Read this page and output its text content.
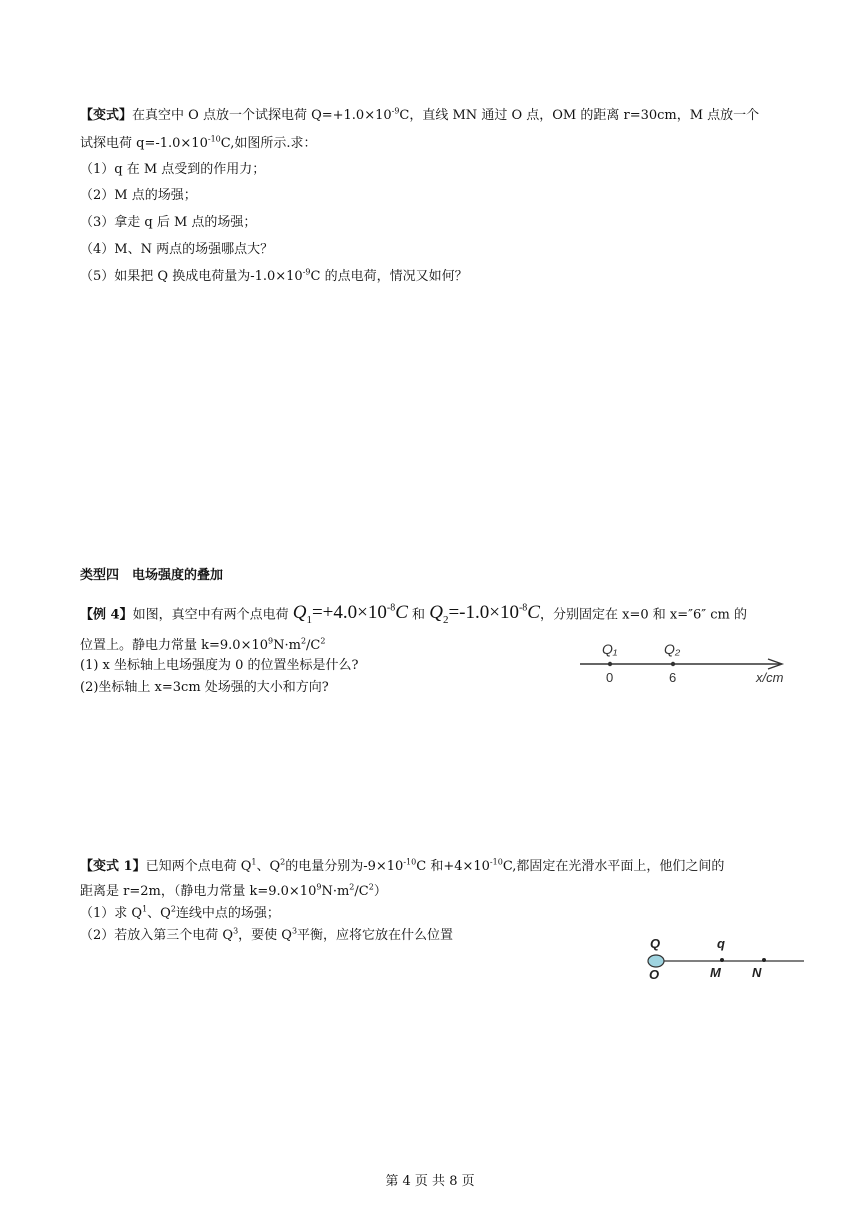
【变式】在真空中 O 点放一个试探电荷 $Q=+1.0\times 10^{-9}C$，直线 MN 通过 O 点，OM 的距离 r=30cm，M 点放一个
试探电荷 $q=-1.0\times 10^{-10}C$,如图所示.求：
（1）q 在 M 点受到的作用力；
（2）M 点的场强；
（3）拿走 q 后 M 点的场强；
（4）M、N 两点的场强哪点大？
（5）如果把 Q 换成电荷量为$-1.0\times 10^{-9}C$ 的点电荷，情况又如何？
类型四　电场强度的叠加
【例 4】如图，真空中有两个点电荷 $Q_1=+4.0\times 10^{-8}C$ 和 $Q_2=-1.0\times 10^{-8}C$，分别固定在 x=0 和 x=″6″ cm 的
位置上。静电力常量 $k=9.0\times 10^9N\cdot m^2/C^2$
(1) x 坐标轴上电场强度为 0 的位置坐标是什么?
(2)坐标轴上 x=3cm 处场强的大小和方向?
Q₁	Q₂
0	6	x/cm
【变式 1】已知两个点电荷 $Q^1$、$Q^2$的电量分别为$-9\times 10^{-10}C$ 和$+4\times 10^{-10}C$,都固定在光滑水平面上，他们之间的
距离是 r=2m，（静电力常量 $k=9.0\times 10^9N\cdot m^2/C^2$）
（1）求 $Q^1$、$Q^2$连线中点的场强；
（2）若放入第三个电荷 $Q^3$，要使 $Q^3$平衡，应将它放在什么位置
Q	q
O	M N
第 4 页 共 8 页
